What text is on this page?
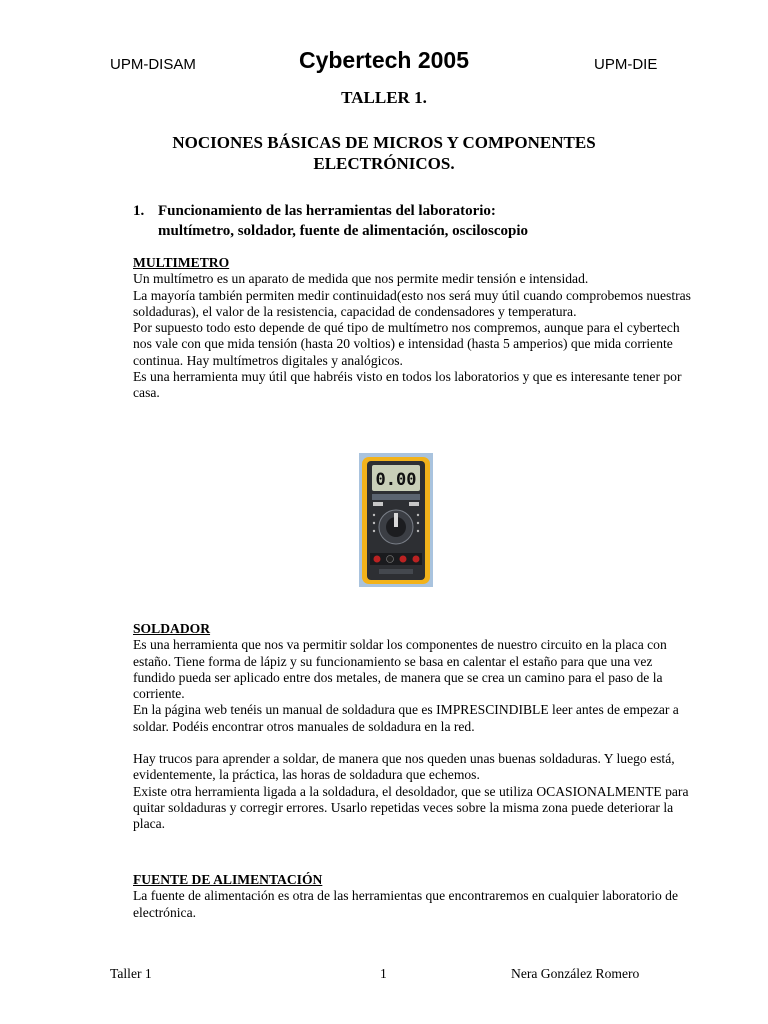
UPM-DISAM	Cybertech 2005	UPM-DIE
TALLER 1.
NOCIONES BÁSICAS DE MICROS Y COMPONENTES
ELECTRÓNICOS.
1. Funcionamiento de las herramientas del laboratorio:
multímetro, soldador, fuente de alimentación, osciloscopio
MULTIMETRO

Un multímetro es un aparato de medida que nos permite medir tensión e intensidad.

La mayoría también permiten medir continuidad(esto nos será muy útil cuando comprobemos nuestras soldaduras), el valor de la resistencia, capacidad de condensadores y temperatura.

Por supuesto todo esto depende de qué tipo de multímetro nos compremos, aunque para el cybertech nos vale con que mida tensión (hasta 20 voltios) e intensidad (hasta 5 amperios) que mida corriente continua. Hay multímetros digitales y analógicos.

Es una herramienta muy útil que habréis visto en todos los laboratorios y que es interesante tener por casa.

0.00
SOLDADOR

Es una herramienta que nos va permitir soldar los componentes de nuestro circuito en la placa con estaño. Tiene forma de lápiz y su funcionamiento se basa en calentar el estaño para que una vez fundido pueda ser aplicado entre dos metales, de manera que se crea un camino para el paso de la corriente.

En la página web tenéis un manual de soldadura que es IMPRESCINDIBLE leer antes de empezar a soldar. Podéis encontrar otros manuales de soldadura en la red.

Hay trucos para aprender a soldar, de manera que nos queden unas buenas soldaduras. Y luego está, evidentemente, la práctica, las horas de soldadura que echemos.

Existe otra herramienta ligada a la soldadura, el desoldador, que se utiliza OCASIONALMENTE para quitar soldaduras y corregir errores. Usarlo repetidas veces sobre la misma zona puede deteriorar la placa.

FUENTE DE ALIMENTACIÓN

La fuente de alimentación es otra de las herramientas que encontraremos en cualquier laboratorio de electrónica.

Taller 1	1	Nera González Romero
